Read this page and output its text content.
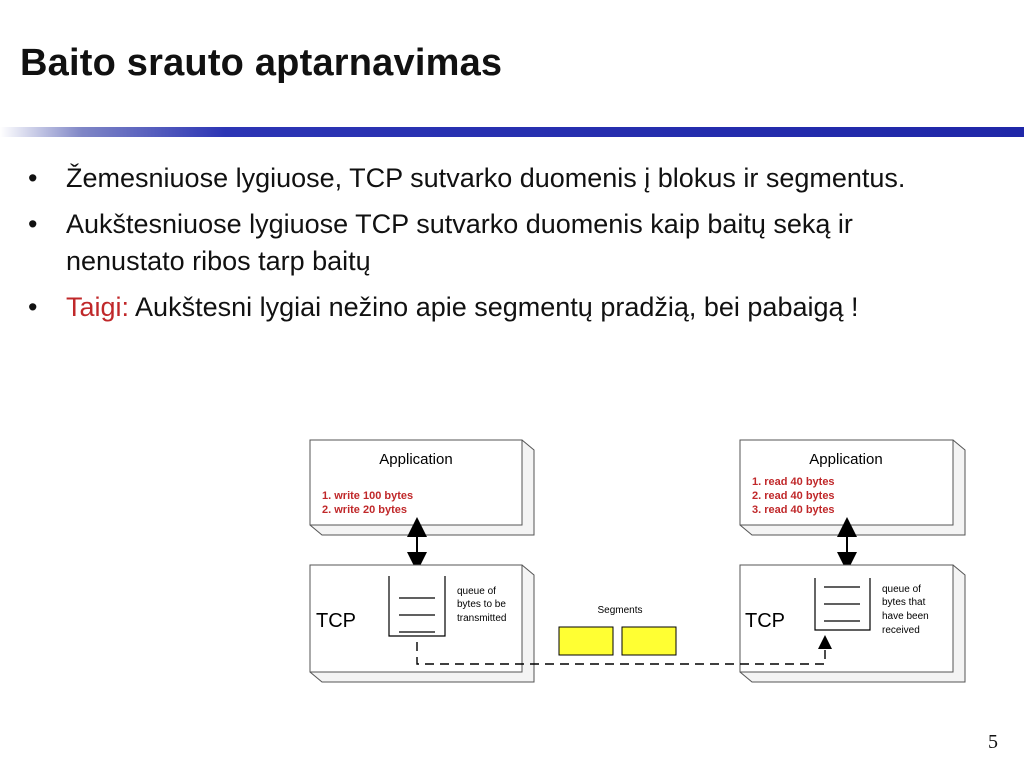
Baito srauto aptarnavimas
• Žemesniuose lygiuose, TCP sutvarko duomenis į blokus ir segmentus.
• Aukštesniuose lygiuose TCP sutvarko duomenis kaip baitų seką ir nenustato ribos tarp baitų
• Taigi: Aukštesni lygiai nežino apie segmentų pradžią, bei pabaigą !
Application
1. write 100 bytes
2. write 20 bytes
Application
1. read 40 bytes
2. read 40 bytes
3. read 40 bytes
TCP
queue of
bytes to be
transmitted	TCP
queue of
bytes that
have been
received
Segments
5
